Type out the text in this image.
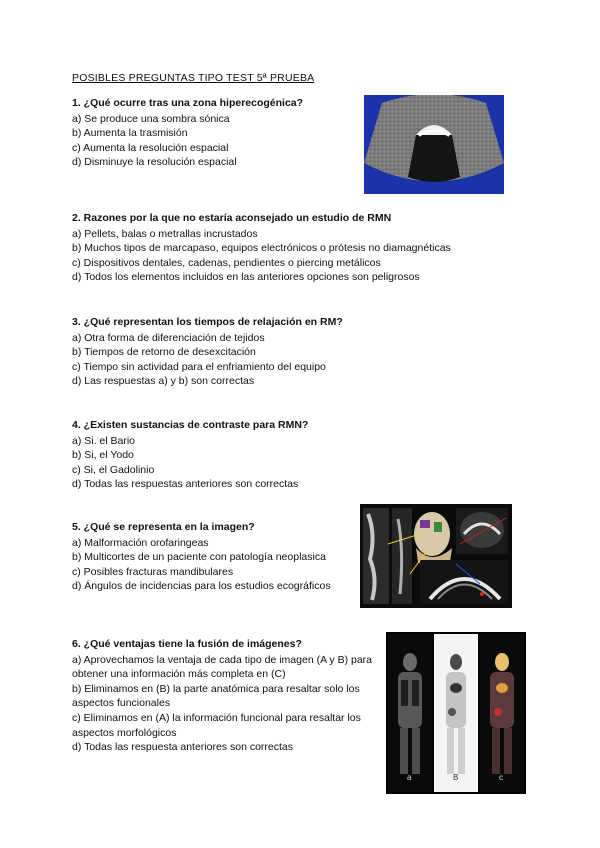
POSIBLES PREGUNTAS TIPO TEST 5ª PRUEBA
1. ¿Qué ocurre tras una zona hiperecogénica?
a) Se produce una sombra sónica
b) Aumenta la trasmisión
c) Aumenta la resolución espacial
d) Disminuye la resolución espacial
2. Razones por la que no estaría aconsejado un estudio de RMN
a) Pellets, balas o metrallas incrustados
b) Muchos tipos de marcapaso, equipos electrónicos o prótesis no diamagnéticas
c) Dispositivos dentales, cadenas, pendientes o piercing metálicos
d) Todos los elementos incluidos en las anteriores opciones son peligrosos
3. ¿Qué representan los tiempos de relajación en RM?
a) Otra forma de diferenciación de tejidos
b) Tiempos de retorno de desexcitación
c) Tiempo sin actividad para el enfriamiento del equipo
d) Las respuestas a) y b) son correctas
4. ¿Existen sustancias de contraste para RMN?
a) Si. el Bario
b) Si, el Yodo
c) Si, el Gadolinio
d) Todas las respuestas anteriores son correctas
5. ¿Qué se representa en la imagen?
a) Malformación orofaringeas
b) Multicortes de un paciente con patología neoplasica
c) Posibles fracturas mandibulares
d) Ángulos de incidencias para los estudios ecográficos
6. ¿Qué ventajas tiene la fusión de imágenes?
a) Aprovechamos la ventaja de cada tipo de imagen (A y B) para obtener una información más completa en (C)
b) Eliminamos en (B) la parte anatómica para resaltar solo los aspectos funcionales
c) Eliminamos en (A) la información funcional para resaltar los aspectos morfológicos
d) Todas las respuesta anteriores son correctas
a	B	c
